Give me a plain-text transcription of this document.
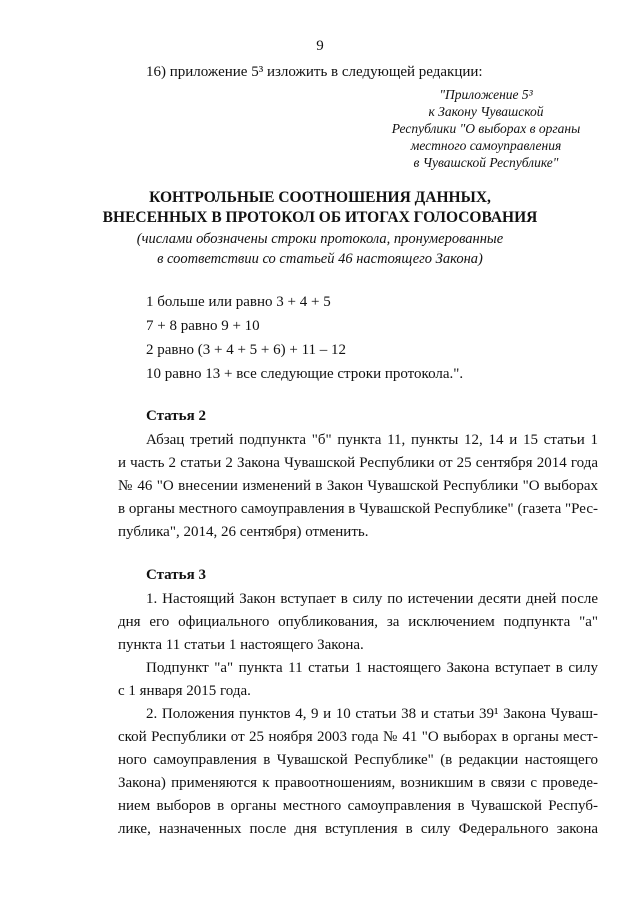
9
16) приложение 5³ изложить в следующей редакции:
"Приложение 5³
к Закону Чувашской
Республики "О выборах в органы
местного самоуправления
в Чувашской Республике"
КОНТРОЛЬНЫЕ СООТНОШЕНИЯ ДАННЫХ,
ВНЕСЕННЫХ В ПРОТОКОЛ ОБ ИТОГАХ ГОЛОСОВАНИЯ
(числами обозначены строки протокола, пронумерованные
в соответствии со статьей 46 настоящего Закона)
1 больше или равно 3 + 4 + 5
7 + 8 равно 9 + 10
2 равно (3 + 4 + 5 + 6) + 11 – 12
10 равно 13 + все следующие строки протокола.".
Статья 2
Абзац третий подпункта "б" пункта 11, пункты 12, 14 и 15 статьи 1
и часть 2 статьи 2 Закона Чувашской Республики от 25 сентября 2014 года
№ 46 "О внесении изменений в Закон Чувашской Республики "О выборах
в органы местного самоуправления в Чувашской Республике" (газета "Рес-
публика", 2014, 26 сентября) отменить.
Статья 3
1. Настоящий Закон вступает в силу по истечении десяти дней после
дня его официального опубликования, за исключением подпункта "а"
пункта 11 статьи 1 настоящего Закона.
Подпункт "а" пункта 11 статьи 1 настоящего Закона вступает в силу
с 1 января 2015 года.
2. Положения пунктов 4, 9 и 10 статьи 38 и статьи 39¹ Закона Чуваш-
ской Республики от 25 ноября 2003 года № 41 "О выборах в органы мест-
ного самоуправления в Чувашской Республике" (в редакции настоящего
Закона) применяются к правоотношениям, возникшим в связи с проведе-
нием выборов в органы местного самоуправления в Чувашской Респуб-
лике, назначенных после дня вступления в силу Федерального закона
